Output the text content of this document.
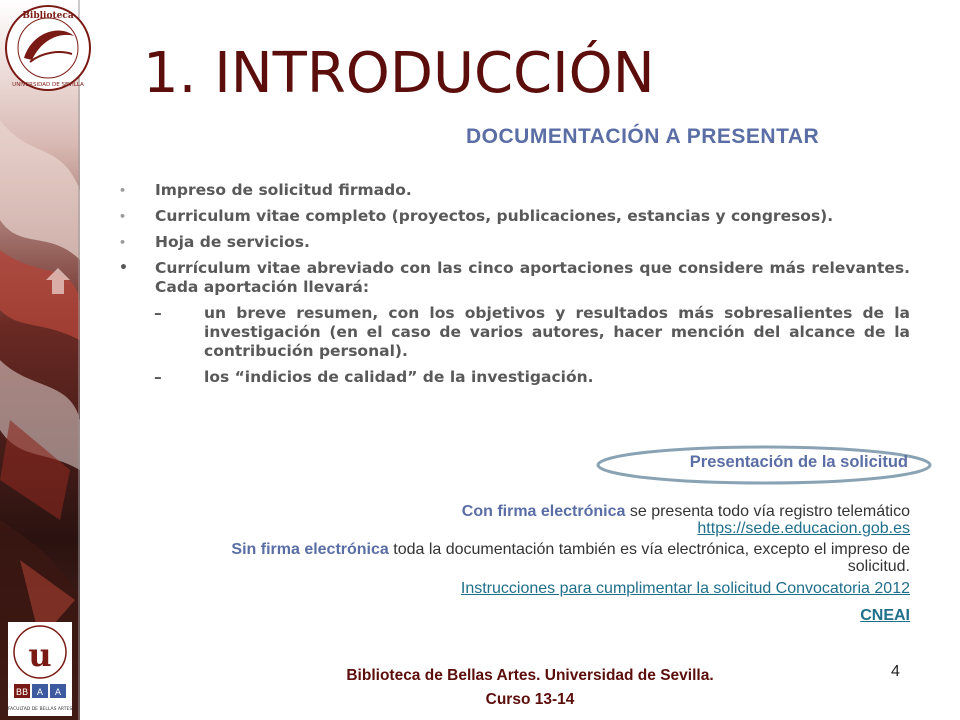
Biblioteca
UNIVERSIDAD DE SEVILLA
u
BB A A
FACULTAD DE BELLAS ARTES
1. INTRODUCCIÓN
DOCUMENTACIÓN A PRESENTAR
•	Impreso de solicitud firmado.
•	Curriculum vitae completo (proyectos, publicaciones, estancias y congresos).
•	Hoja de servicios.
•	Currículum vitae abreviado con las cinco aportaciones que considere más relevantes. Cada aportación llevará:
–	un breve resumen, con los objetivos y resultados más sobresalientes de la investigación (en el caso de varios autores, hacer mención del alcance de la contribución personal).
–	los “indicios de calidad” de la investigación.
Presentación de la solicitud
Con firma electrónica se presenta todo vía registro telemático
https://sede.educacion.gob.es
Sin firma electrónica toda la documentación también es vía electrónica, excepto el impreso de solicitud.
Instrucciones para cumplimentar la solicitud Convocatoria 2012
CNEAI
4
Biblioteca de Bellas Artes. Universidad de Sevilla.
Curso 13-14
